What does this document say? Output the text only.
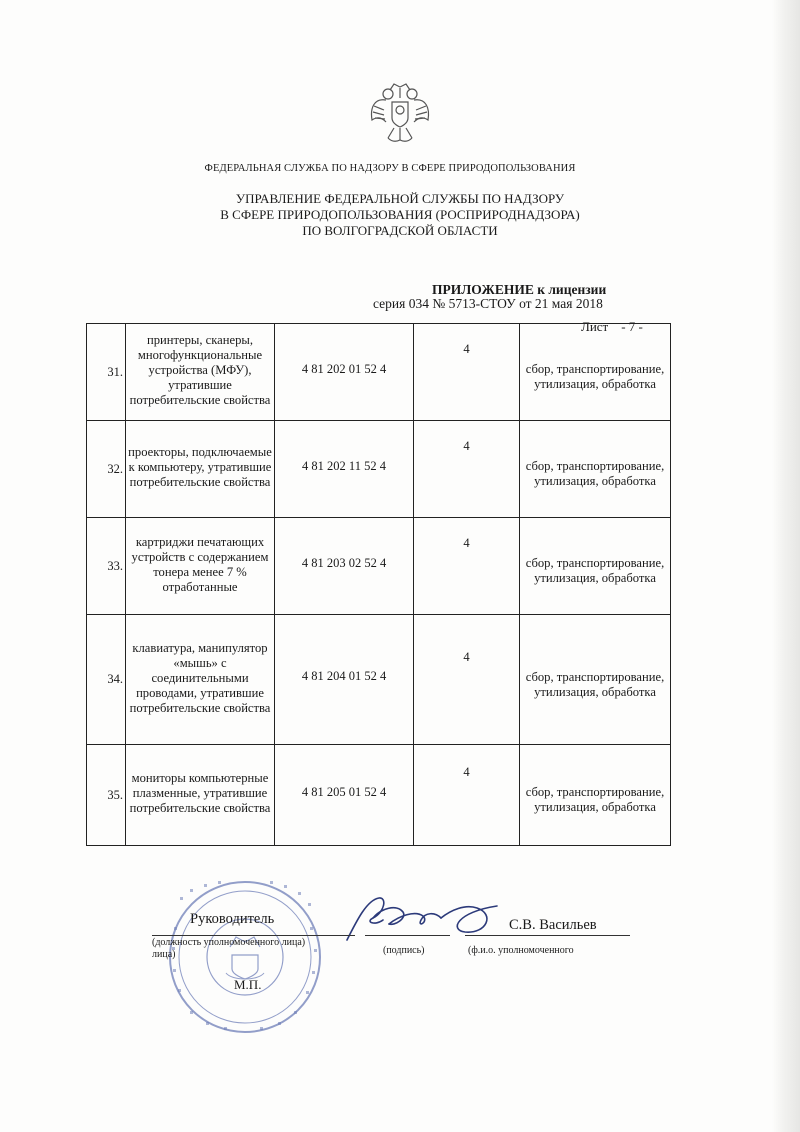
ФЕДЕРАЛЬНАЯ СЛУЖБА ПО НАДЗОРУ В СФЕРЕ ПРИРОДОПОЛЬЗОВАНИЯ
УПРАВЛЕНИЕ ФЕДЕРАЛЬНОЙ СЛУЖБЫ ПО НАДЗОРУ
В СФЕРЕ ПРИРОДОПОЛЬЗОВАНИЯ (РОСПРИРОДНАДЗОРА)
ПО ВОЛГОГРАДСКОЙ ОБЛАСТИ
ПРИЛОЖЕНИЕ к лицензии
серия 034 № 5713-СТОУ от 21 мая 2018
Лист    - 7 -
31.	принтеры, сканеры, многофункциональные устройства (МФУ), утратившие потребительские свойства	4 81 202 01 52 4	4	сбор, транспортирование, утилизация, обработка

32.	проекторы, подключаемые к компьютеру, утратившие потребительские свойства	4 81 202 11 52 4	4	сбор, транспортирование, утилизация, обработка

33.	картриджи печатающих устройств с содержанием тонера менее 7 % отработанные	4 81 203 02 52 4	4	сбор, транспортирование, утилизация, обработка

34.	клавиатура, манипулятор «мышь» с соединительными проводами, утратившие потребительские свойства	4 81 204 01 52 4	4	сбор, транспортирование, утилизация, обработка

35.	мониторы компьютерные плазменные, утратившие потребительские свойства	4 81 205 01 52 4	4	сбор, транспортирование, утилизация, обработка
Руководитель	С.В. Васильев
(должность уполномоченного лица)
лица)	(подпись)	(ф.и.о. уполномоченного
М.П.
